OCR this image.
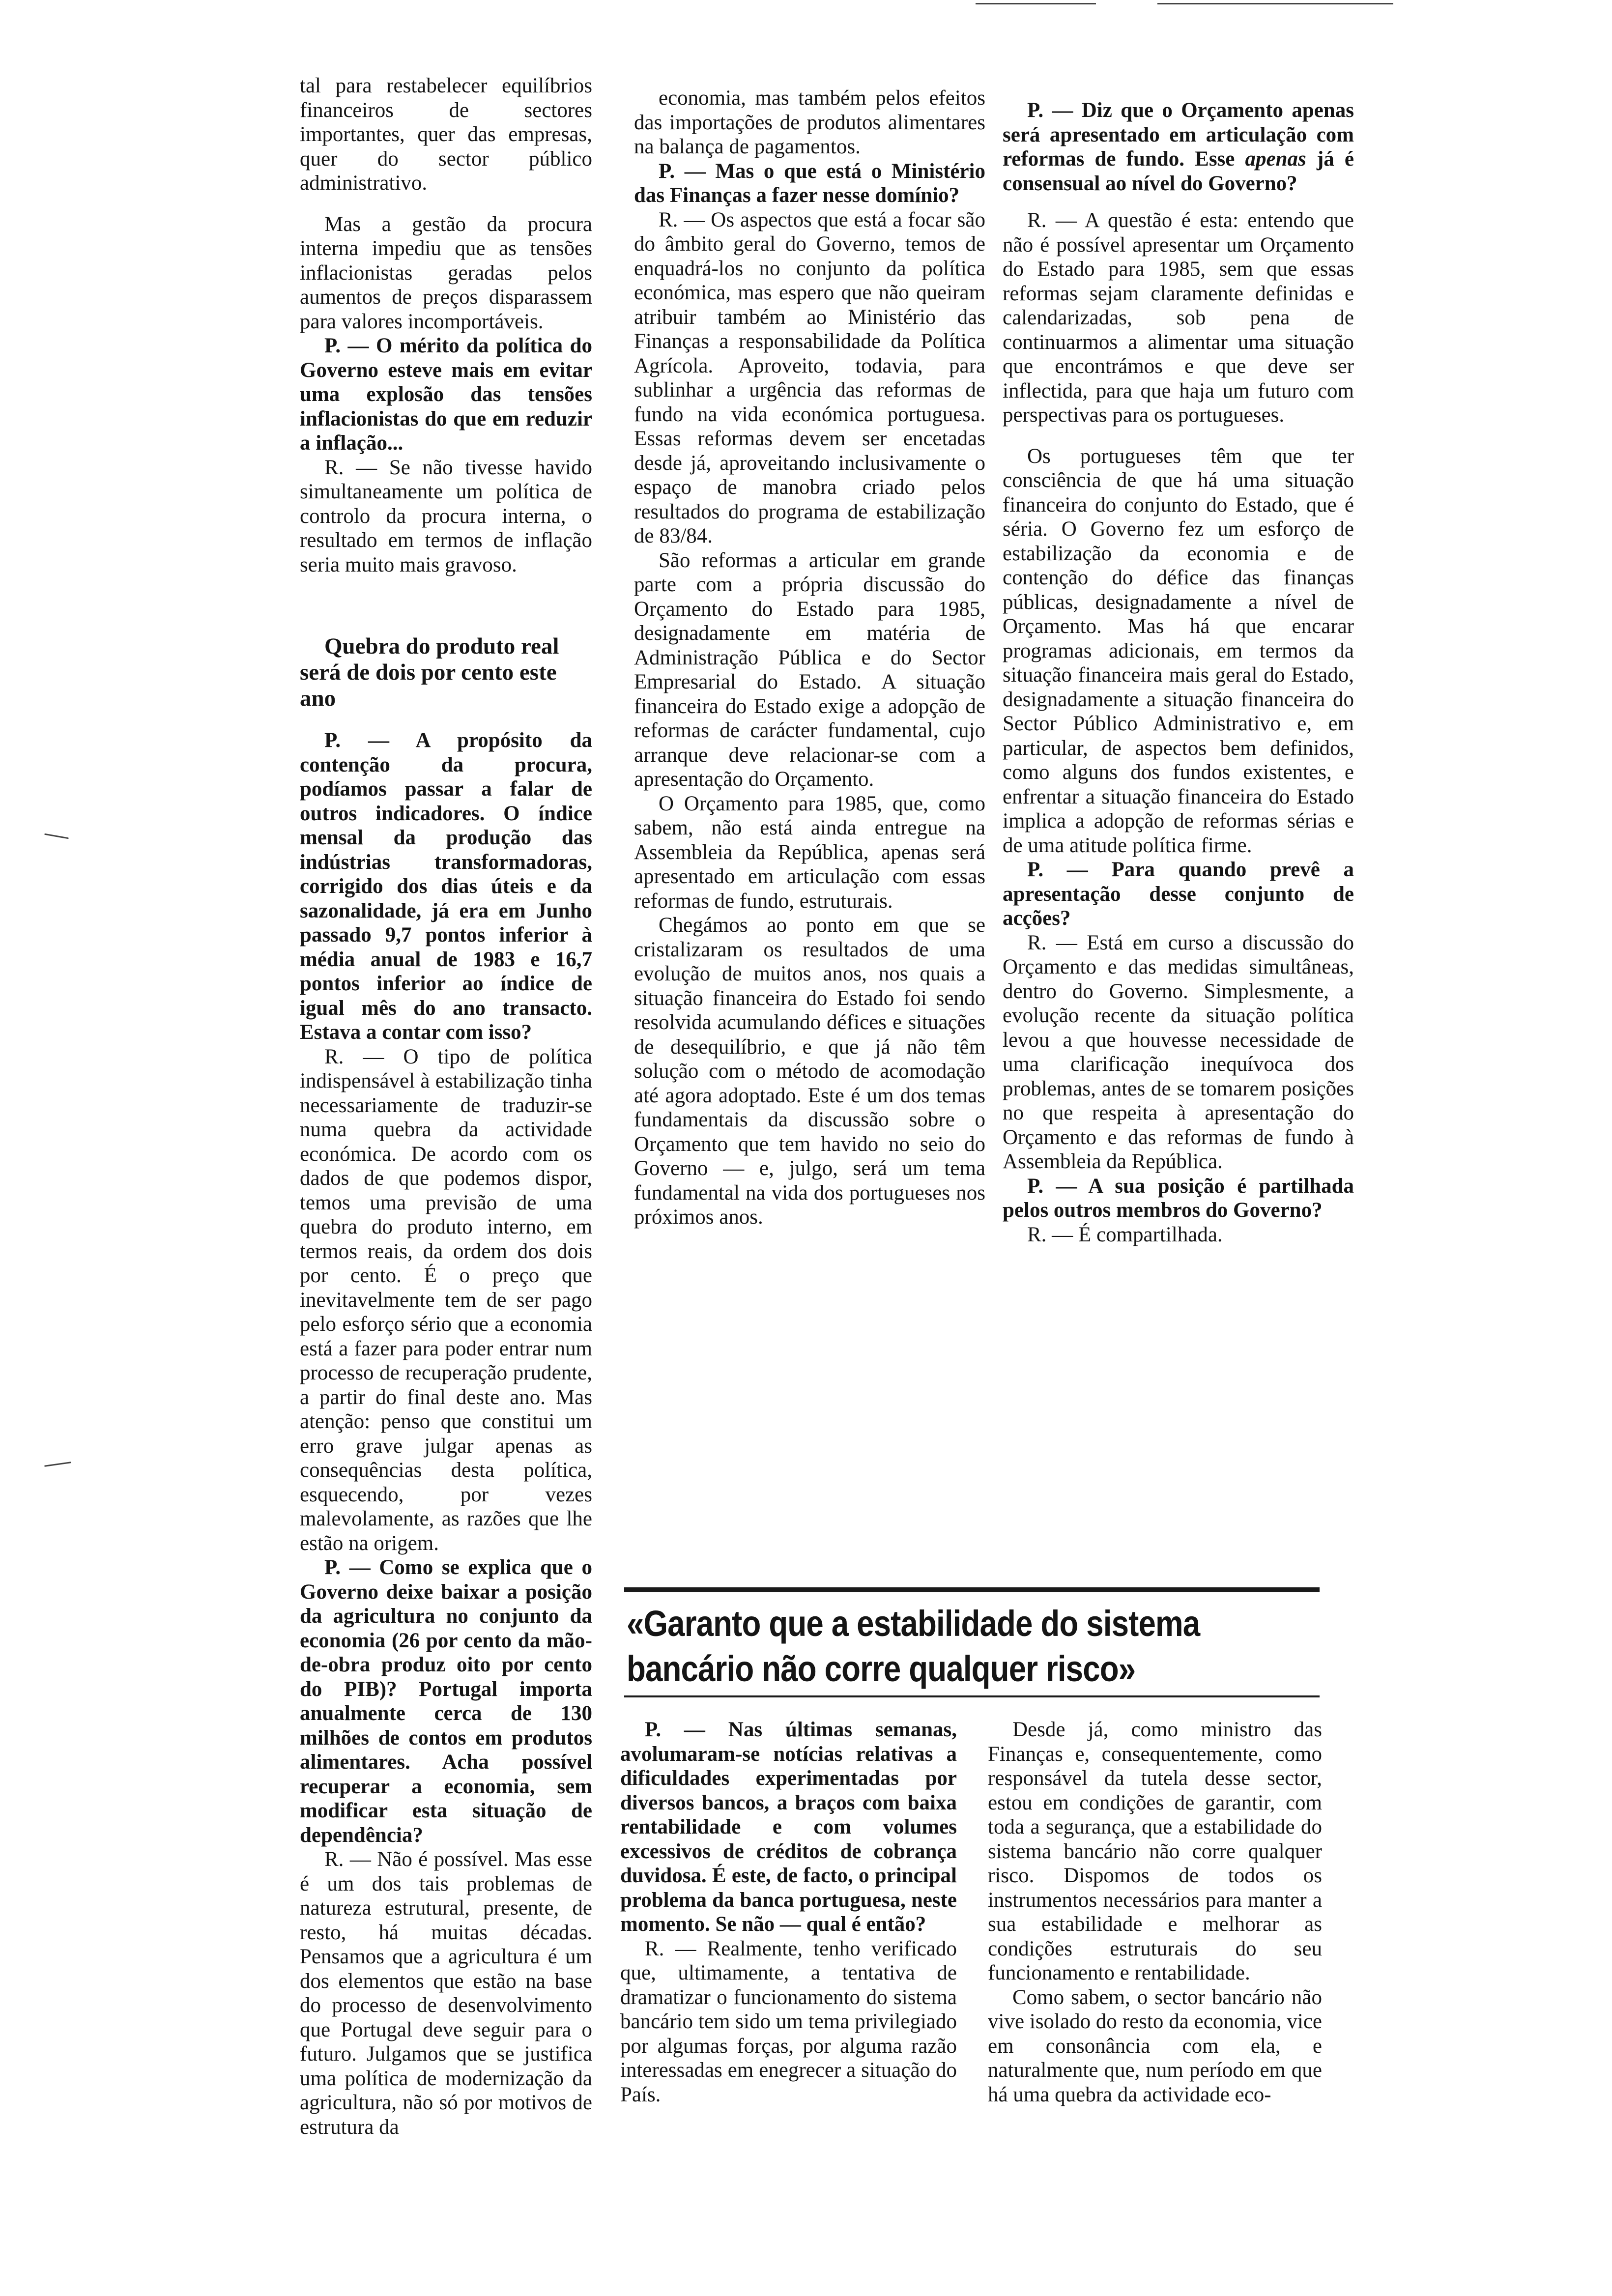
tal para restabelecer equilíbrios financeiros de sectores importantes, quer das empresas, quer do sector público administrativo.

Mas a gestão da procura interna impediu que as tensões inflacionistas geradas pelos aumentos de preços disparassem para valores incomportáveis.

P. — O mérito da política do Governo esteve mais em evitar uma explosão das tensões inflacionistas do que em reduzir a inflação...

R. — Se não tivesse havido simultaneamente um política de controlo da procura interna, o resultado em termos de inflação seria muito mais gravoso.

Quebra do produto real será de dois por cento este ano

P. — A propósito da contenção da procura, podíamos passar a falar de outros indicadores. O índice mensal da produção das indústrias transformadoras, corrigido dos dias úteis e da sazonalidade, já era em Junho passado 9,7 pontos inferior à média anual de 1983 e 16,7 pontos inferior ao índice de igual mês do ano transacto. Estava a contar com isso?

R. — O tipo de política indispensável à estabilização tinha necessariamente de traduzir-se numa quebra da actividade económica. De acordo com os dados de que podemos dispor, temos uma previsão de uma quebra do produto interno, em termos reais, da ordem dos dois por cento. É o preço que inevitavelmente tem de ser pago pelo esforço sério que a economia está a fazer para poder entrar num processo de recuperação prudente, a partir do final deste ano. Mas atenção: penso que constitui um erro grave julgar apenas as consequências desta política, esquecendo, por vezes malevolamente, as razões que lhe estão na origem.

P. — Como se explica que o Governo deixe baixar a posição da agricultura no conjunto da economia (26 por cento da mão-de-obra produz oito por cento do PIB)? Portugal importa anualmente cerca de 130 milhões de contos em produtos alimentares. Acha possível recuperar a economia, sem modificar esta situação de dependência?

R. — Não é possível. Mas esse é um dos tais problemas de natureza estrutural, presente, de resto, há muitas décadas. Pensamos que a agricultura é um dos elementos que estão na base do processo de desenvolvimento que Portugal deve seguir para o futuro. Julgamos que se justifica uma política de modernização da agricultura, não só por motivos de estrutura da

economia, mas também pelos efeitos das importações de produtos alimentares na balança de pagamentos.

P. — Mas o que está o Ministério das Finanças a fazer nesse domínio?

R. — Os aspectos que está a focar são do âmbito geral do Governo, temos de enquadrá-los no conjunto da política económica, mas espero que não queiram atribuir também ao Ministério das Finanças a responsabilidade da Política Agrícola. Aproveito, todavia, para sublinhar a urgência das reformas de fundo na vida económica portuguesa. Essas reformas devem ser encetadas desde já, aproveitando inclusivamente o espaço de manobra criado pelos resultados do programa de estabilização de 83/84.

São reformas a articular em grande parte com a própria discussão do Orçamento do Estado para 1985, designadamente em matéria de Administração Pública e do Sector Empresarial do Estado. A situação financeira do Estado exige a adopção de reformas de carácter fundamental, cujo arranque deve relacionar-se com a apresentação do Orçamento.

O Orçamento para 1985, que, como sabem, não está ainda entregue na Assembleia da República, apenas será apresentado em articulação com essas reformas de fundo, estruturais.

Chegámos ao ponto em que se cristalizaram os resultados de uma evolução de muitos anos, nos quais a situação financeira do Estado foi sendo resolvida acumulando défices e situações de desequilíbrio, e que já não têm solução com o método de acomodação até agora adoptado. Este é um dos temas fundamentais da discussão sobre o Orçamento que tem havido no seio do Governo — e, julgo, será um tema fundamental na vida dos portugueses nos próximos anos.

P. — Diz que o Orçamento apenas será apresentado em articulação com reformas de fundo. Esse apenas já é consensual ao nível do Governo?

R. — A questão é esta: entendo que não é possível apresentar um Orçamento do Estado para 1985, sem que essas reformas sejam claramente definidas e calendarizadas, sob pena de continuarmos a alimentar uma situação que encontrámos e que deve ser inflectida, para que haja um futuro com perspectivas para os portugueses.

Os portugueses têm que ter consciência de que há uma situação financeira do conjunto do Estado, que é séria. O Governo fez um esforço de estabilização da economia e de contenção do défice das finanças públicas, designadamente a nível de Orçamento. Mas há que encarar programas adicionais, em termos da situação financeira mais geral do Estado, designadamente a situação financeira do Sector Público Administrativo e, em particular, de aspectos bem definidos, como alguns dos fundos existentes, e enfrentar a situação financeira do Estado implica a adopção de reformas sérias e de uma atitude política firme.

P. — Para quando prevê a apresentação desse conjunto de acções?

R. — Está em curso a discussão do Orçamento e das medidas simultâneas, dentro do Governo. Simplesmente, a evolução recente da situação política levou a que houvesse necessidade de uma clarificação inequívoca dos problemas, antes de se tomarem posições no que respeita à apresentação do Orçamento e das reformas de fundo à Assembleia da República.

P. — A sua posição é partilhada pelos outros membros do Governo?

R. — É compartilhada.

«Garanto que a estabilidade do sistema
bancário não corre qualquer risco»

P. — Nas últimas semanas, avolumaram-se notícias relativas a dificuldades experimentadas por diversos bancos, a braços com baixa rentabilidade e com volumes excessivos de créditos de cobrança duvidosa. É este, de facto, o principal problema da banca portuguesa, neste momento. Se não — qual é então?

R. — Realmente, tenho verificado que, ultimamente, a tentativa de dramatizar o funcionamento do sistema bancário tem sido um tema privilegiado por algumas forças, por alguma razão interessadas em enegrecer a situação do País.

Desde já, como ministro das Finanças e, consequentemente, como responsável da tutela desse sector, estou em condições de garantir, com toda a segurança, que a estabilidade do sistema bancário não corre qualquer risco. Dispomos de todos os instrumentos necessários para manter a sua estabilidade e melhorar as condições estruturais do seu funcionamento e rentabilidade.

Como sabem, o sector bancário não vive isolado do resto da economia, vice em consonância com ela, e naturalmente que, num período em que há uma quebra da actividade eco-
